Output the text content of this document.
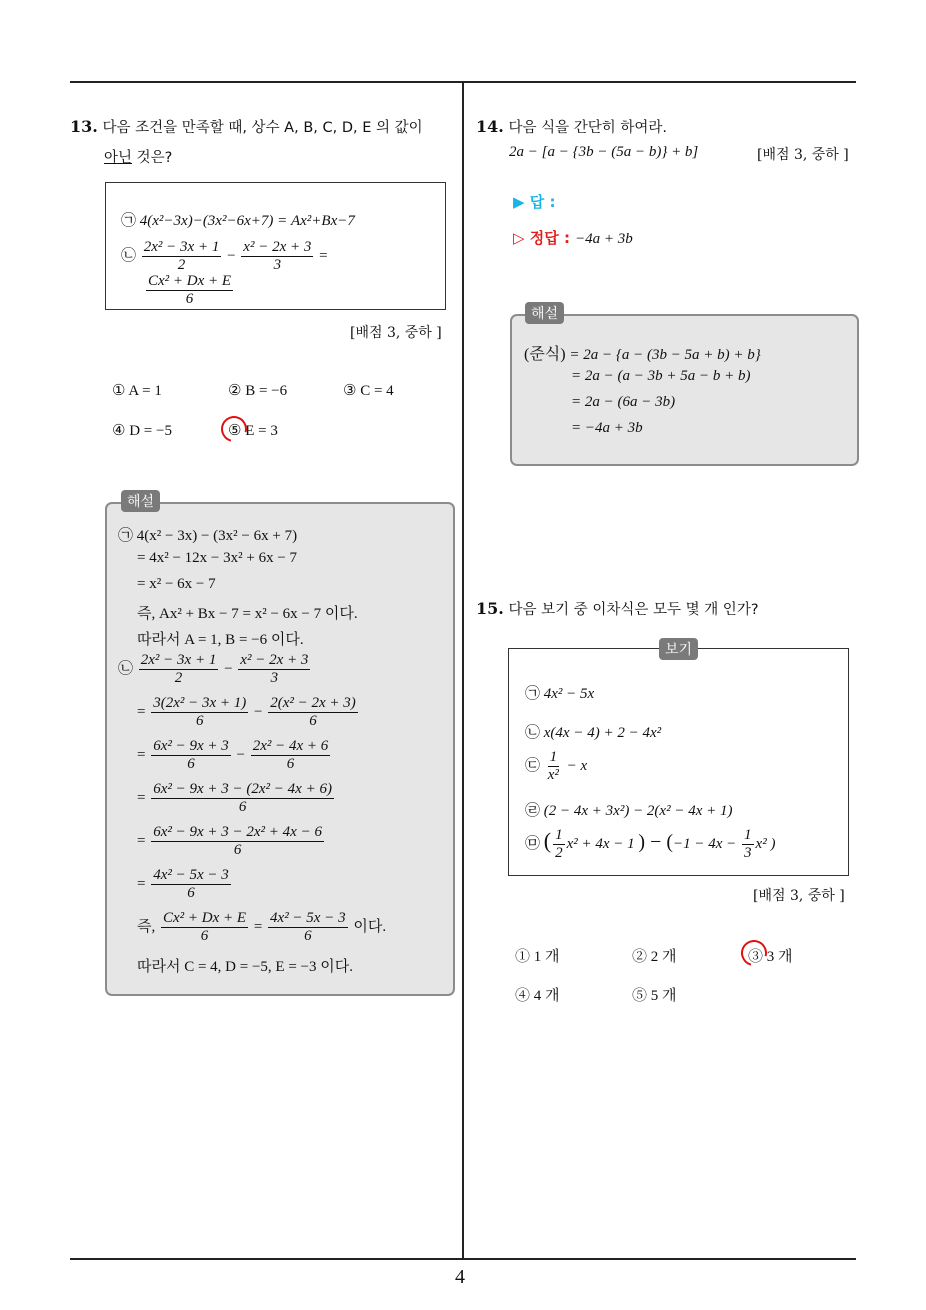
4
13. 다음 조건을 만족할 때, 상수 A, B, C, D, E 의 값이
아닌 것은?
㉠ 4(x²−3x)−(3x²−6x+7) = Ax²+Bx−7
㉡ $\frac{\text{2x² − 3x + 1}}{2} - \frac{\text{x² − 2x + 3}}{3}$ =
$\frac{\text{Cx² + Dx + E}}{6}$
[배점 3, 중하 ]
① A = 1	② B = −6	③ C = 4
④ D = −5	⑤ E = 3
해설
㉠ 4(x² − 3x) − (3x² − 6x + 7)
= 4x² − 12x − 3x² + 6x − 7
= x² − 6x − 7
즉, Ax² + Bx − 7 = x² − 6x − 7 이다.
따라서 A = 1, B = −6 이다.
㉡ $\frac{\text{2x² − 3x + 1}}{2} - \frac{\text{x² − 2x + 3}}{3}$
= $\frac{\text{3(2x² − 3x + 1)}}{6} - \frac{\text{2(x² − 2x + 3)}}{6}$
= $\frac{\text{6x² − 9x + 3}}{6} - \frac{\text{2x² − 4x + 6}}{6}$
= $\frac{\text{6x² − 9x + 3 − (2x² − 4x + 6)}}{6}$
= $\frac{\text{6x² − 9x + 3 − 2x² + 4x − 6}}{6}$
= $\frac{\text{4x² − 5x − 3}}{6}$
즉, $\frac{\text{Cx² + Dx + E}}{6} = \frac{\text{4x² − 5x − 3}}{6}$ 이다.
따라서 C = 4, D = −5, E = −3 이다.
14. 다음 식을 간단히 하여라.
2a − [a − {3b − (5a − b)} + b]	[배점 3, 중하 ]
▶ 답 :
▷ 정답 : −4a + 3b
해설
(준식) = 2a − {a − (3b − 5a + b) + b}
= 2a − (a − 3b + 5a − b + b)
= 2a − (6a − 3b)
= −4a + 3b
15. 다음 보기 중 이차식은 모두 몇 개 인가?
㉠ 4x² − 5x
㉡ x(4x − 4) + 2 − 4x²
㉢ $\frac{1}{\text{x²}} - x$
㉣ (2 − 4x + 3x²) − 2(x² − 4x + 1)
㉤ ( $\frac{1}{2} x^2 + 4x - 1$ ) − ($-1 - 4x - \frac{1}{3} x^2$ )
보기
[배점 3, 중하 ]
① 1 개	② 2 개	③ 3 개
④ 4 개	⑤ 5 개
